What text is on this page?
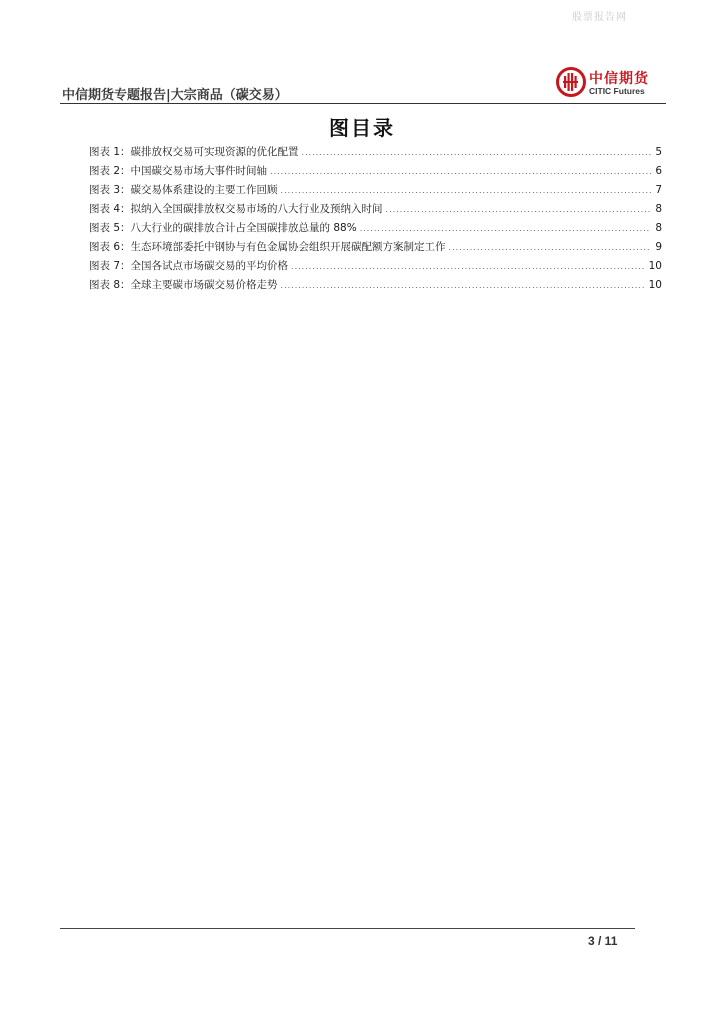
股票报告网
中信期货专题报告|大宗商品（碳交易）
中信期货
CITIC Futures
图目录
图表 1：碳排放权交易可实现资源的优化配置 .....	5
图表 2：中国碳交易市场大事件时间轴 .....	6
图表 3：碳交易体系建设的主要工作回顾 .....	7
图表 4：拟纳入全国碳排放权交易市场的八大行业及预纳入时间 .....	8
图表 5：八大行业的碳排放合计占全国碳排放总量的 88% .....	8
图表 6：生态环境部委托中钢协与有色金属协会组织开展碳配额方案制定工作 .....	9
图表 7：全国各试点市场碳交易的平均价格 .....	10
图表 8：全球主要碳市场碳交易价格走势 .....	10
3 / 11
